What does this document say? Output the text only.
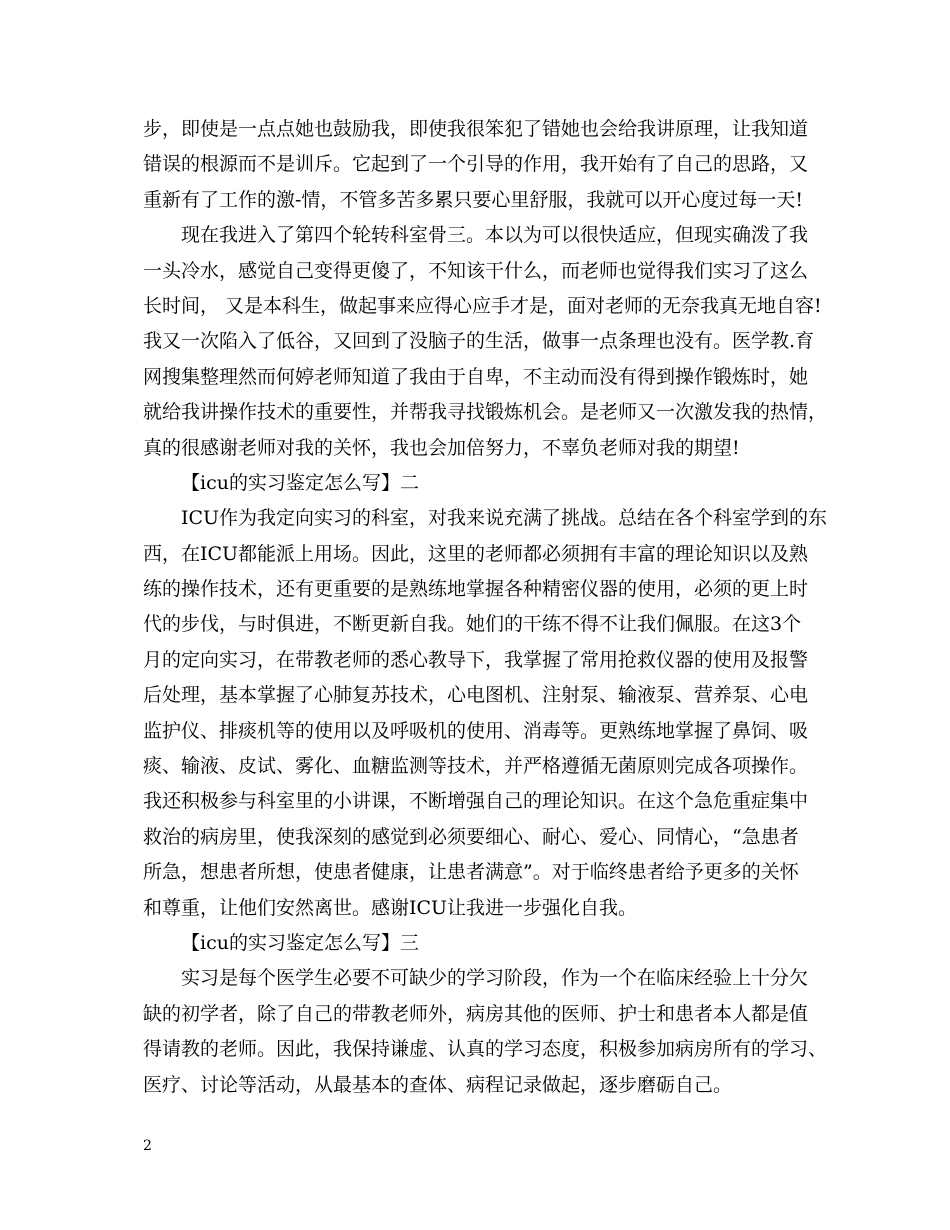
步，即使是一点点她也鼓励我，即使我很笨犯了错她也会给我讲原理，让我知道
错误的根源而不是训斥。它起到了一个引导的作用，我开始有了自己的思路，又
重新有了工作的激-情，不管多苦多累只要心里舒服，我就可以开心度过每一天!
现在我进入了第四个轮转科室骨三。本以为可以很快适应，但现实确泼了我
一头冷水，感觉自己变得更傻了，不知该干什么，而老师也觉得我们实习了这么
长时间， 又是本科生，做起事来应得心应手才是，面对老师的无奈我真无地自容!
我又一次陷入了低谷，又回到了没脑子的生活，做事一点条理也没有。医学教.育
网搜集整理然而何婷老师知道了我由于自卑，不主动而没有得到操作锻炼时，她
就给我讲操作技术的重要性，并帮我寻找锻炼机会。是老师又一次激发我的热情，
真的很感谢老师对我的关怀，我也会加倍努力，不辜负老师对我的期望!
【icu的实习鉴定怎么写】二
ICU作为我定向实习的科室，对我来说充满了挑战。总结在各个科室学到的东
西，在ICU都能派上用场。因此，这里的老师都必须拥有丰富的理论知识以及熟
练的操作技术，还有更重要的是熟练地掌握各种精密仪器的使用，必须的更上时
代的步伐，与时俱进，不断更新自我。她们的干练不得不让我们佩服。在这3个
月的定向实习，在带教老师的悉心教导下，我掌握了常用抢救仪器的使用及报警
后处理，基本掌握了心肺复苏技术，心电图机、注射泵、输液泵、营养泵、心电
监护仪、排痰机等的使用以及呼吸机的使用、消毒等。更熟练地掌握了鼻饲、吸
痰、输液、皮试、雾化、血糖监测等技术，并严格遵循无菌原则完成各项操作。
我还积极参与科室里的小讲课，不断增强自己的理论知识。在这个急危重症集中
救治的病房里，使我深刻的感觉到必须要细心、耐心、爱心、同情心，“急患者
所急，想患者所想，使患者健康，让患者满意”。对于临终患者给予更多的关怀
和尊重，让他们安然离世。感谢ICU让我进一步强化自我。
【icu的实习鉴定怎么写】三
实习是每个医学生必要不可缺少的学习阶段，作为一个在临床经验上十分欠
缺的初学者，除了自己的带教老师外，病房其他的医师、护士和患者本人都是值
得请教的老师。因此，我保持谦虚、认真的学习态度，积极参加病房所有的学习、
医疗、讨论等活动，从最基本的查体、病程记录做起，逐步磨砺自己。
2
